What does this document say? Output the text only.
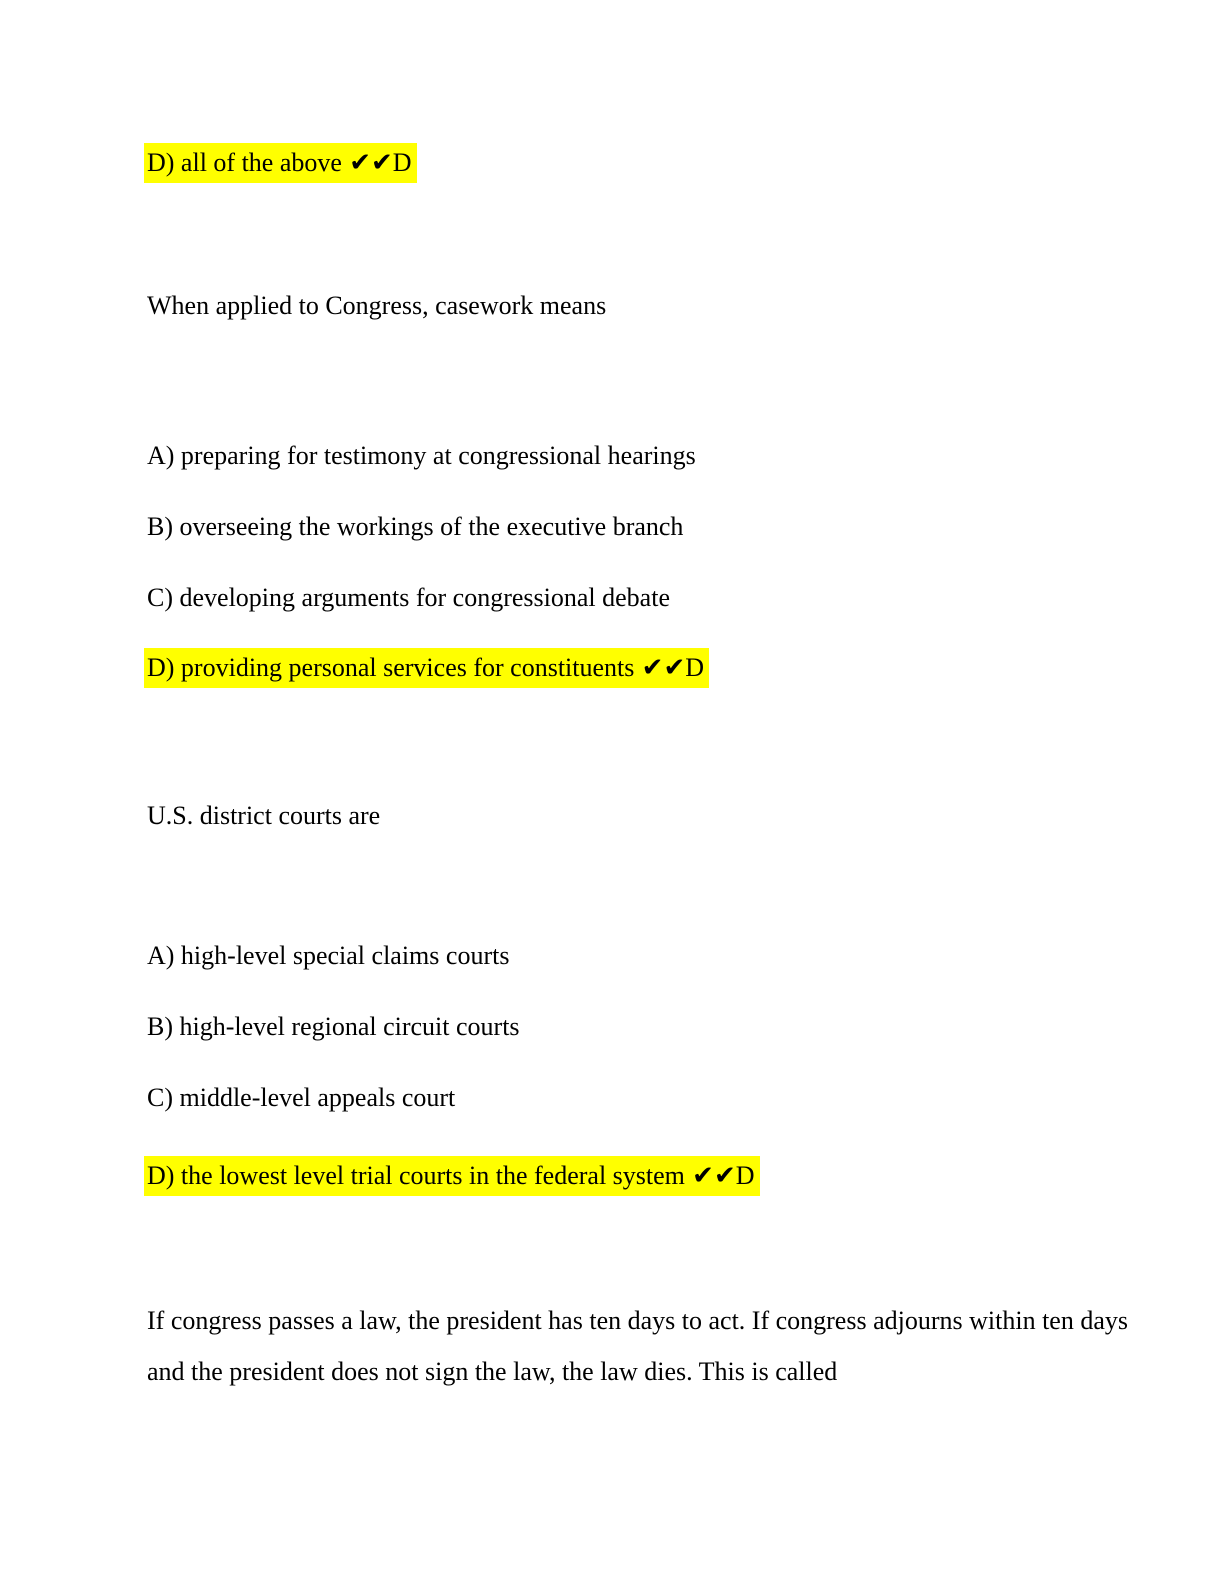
D) all of the above ✔✔D
When applied to Congress, casework means
A) preparing for testimony at congressional hearings
B) overseeing the workings of the executive branch
C) developing arguments for congressional debate
D) providing personal services for constituents ✔✔D
U.S. district courts are
A) high-level special claims courts
B) high-level regional circuit courts
C) middle-level appeals court
D) the lowest level trial courts in the federal system ✔✔D
If congress passes a law, the president has ten days to act. If congress adjourns within ten days
and the president does not sign the law, the law dies. This is called
